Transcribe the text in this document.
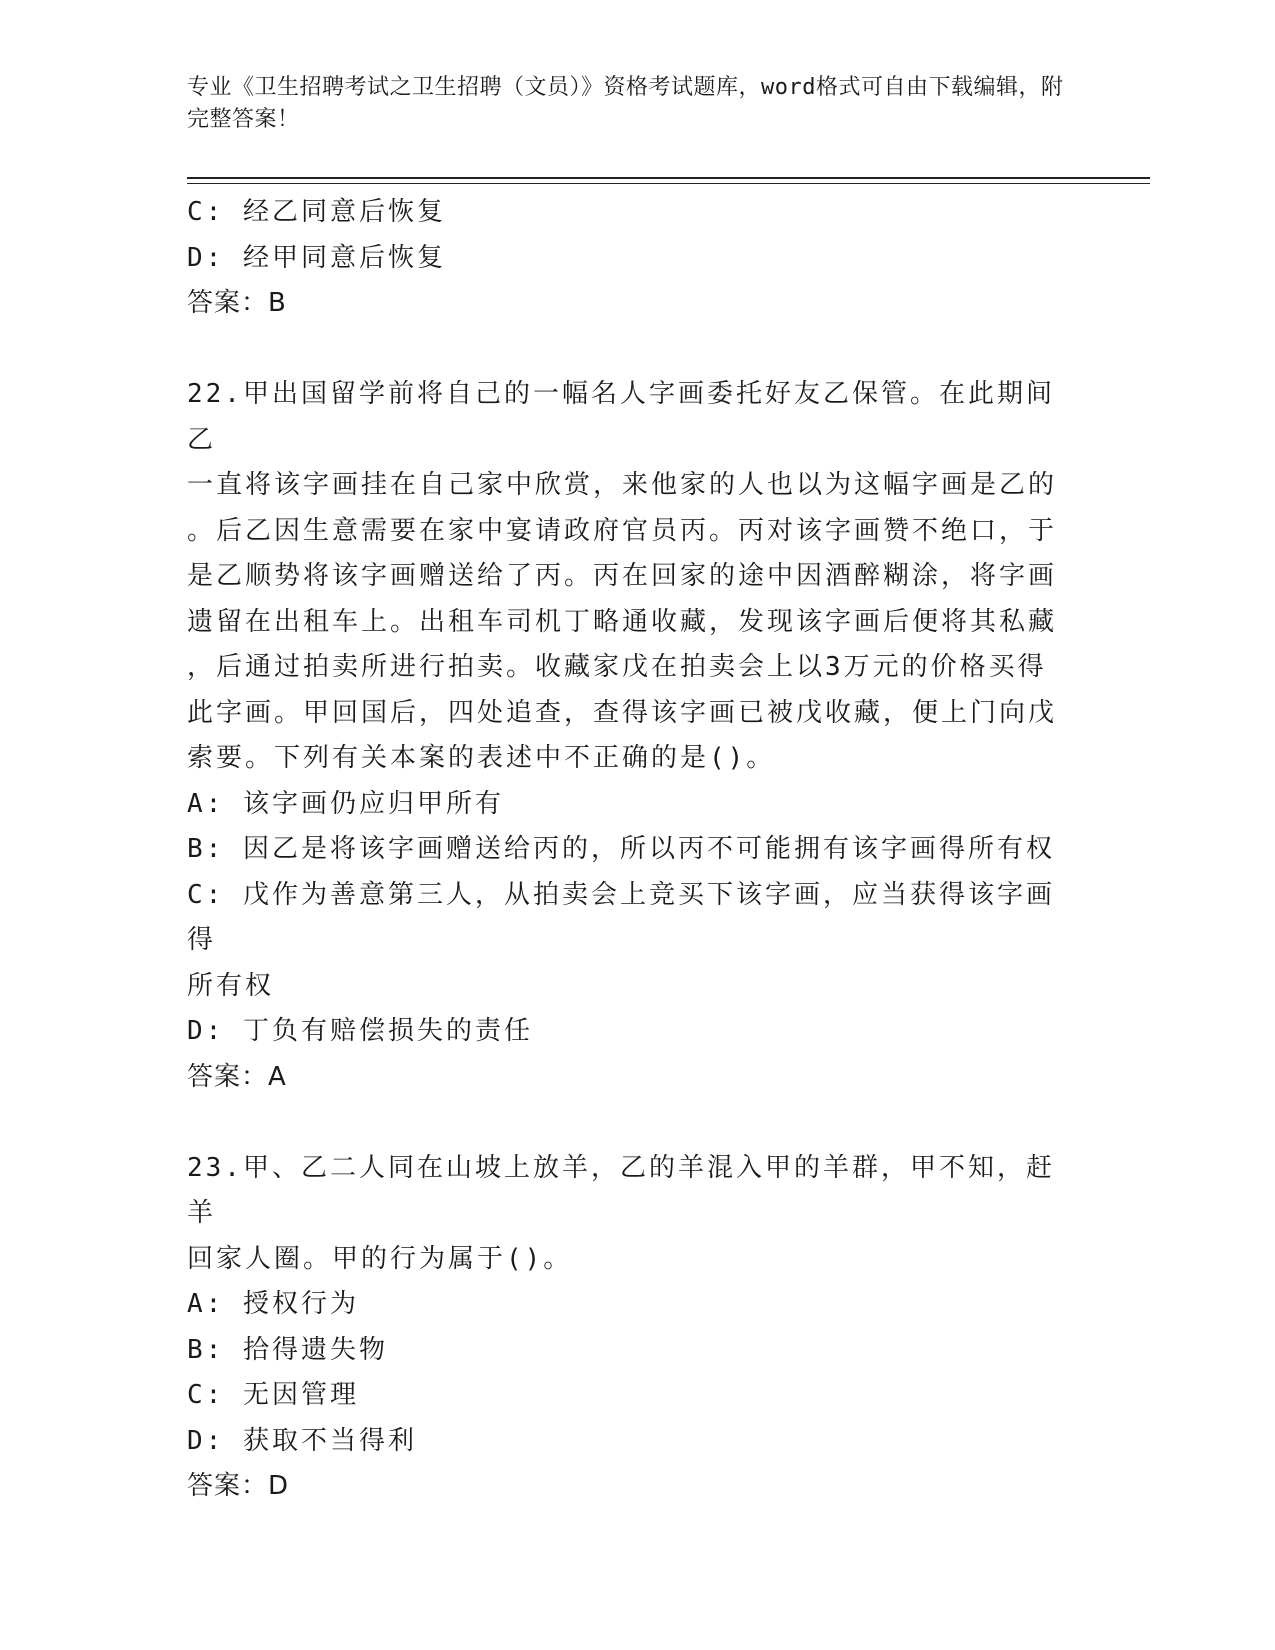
专业《卫生招聘考试之卫生招聘（文员）》资格考试题库，word格式可自由下载编辑，附完整答案！
C: 经乙同意后恢复
D: 经甲同意后恢复
答案：B
22.甲出国留学前将自己的一幅名人字画委托好友乙保管。在此期间乙
一直将该字画挂在自己家中欣赏，来他家的人也以为这幅字画是乙的
。后乙因生意需要在家中宴请政府官员丙。丙对该字画赞不绝口，于
是乙顺势将该字画赠送给了丙。丙在回家的途中因酒醉糊涂，将字画
遗留在出租车上。出租车司机丁略通收藏，发现该字画后便将其私藏
，后通过拍卖所进行拍卖。收藏家戊在拍卖会上以3万元的价格买得
此字画。甲回国后，四处追查，查得该字画已被戊收藏，便上门向戊
索要。下列有关本案的表述中不正确的是()。
A: 该字画仍应归甲所有
B: 因乙是将该字画赠送给丙的，所以丙不可能拥有该字画得所有权
C: 戊作为善意第三人，从拍卖会上竞买下该字画，应当获得该字画得
所有权
D: 丁负有赔偿损失的责任
答案：A
23.甲、乙二人同在山坡上放羊，乙的羊混入甲的羊群，甲不知，赶羊
回家人圈。甲的行为属于()。
A: 授权行为
B: 拾得遗失物
C: 无因管理
D: 获取不当得利
答案：D
